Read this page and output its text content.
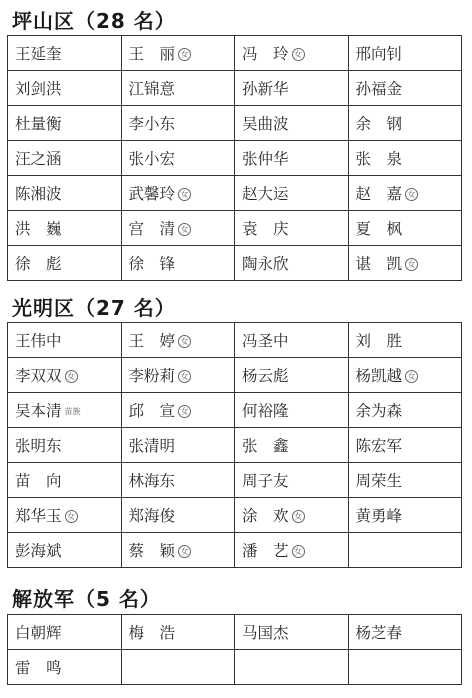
坪山区（28 名）
王延奎	王　丽 女	冯　玲 女	邢向钊
刘剑洪	江锦意	孙新华	孙福金
杜量衡	李小东	吴曲波	余　钢
汪之涵	张小宏	张仲华	张　泉
陈湘波	武馨玲 女	赵大运	赵　嘉 女
洪　巍	宫　清 女	袁　庆	夏　枫
徐　彪	徐　锋	陶永欣	谌　凯 女
光明区（27 名）
王伟中	王　婷 女	冯圣中	刘　胜
李双双 女	李粉莉 女	杨云彪	杨凯越 女
吴本清 苗族	邱　宣 女	何裕隆	余为森
张明东	张清明	张　鑫	陈宏军
苗　向	林海东	周子友	周荣生
郑华玉 女	郑海俊	涂　欢 女	黄勇峰
彭海斌	蔡　颖 女	潘　艺 女	
解放军（5 名）
白朝辉	梅　浩	马国杰	杨芝春
雷　鸣			
